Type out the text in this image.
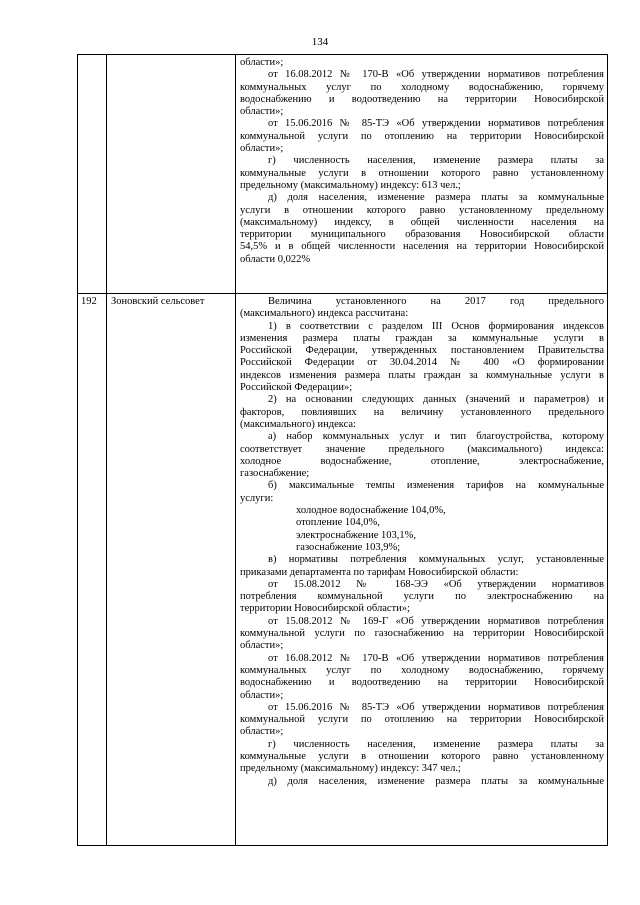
134
области»;
от 16.08.2012 № 170-В «Об утверждении нормативов потребления
коммунальных услуг по холодному водоснабжению, горячему
водоснабжению и водоотведению на территории Новосибирской
области»;
от 15.06.2016 № 85-ТЭ «Об утверждении нормативов потребления
коммунальной услуги по отоплению на территории Новосибирской
области»;
г) численность населения, изменение размера платы за
коммунальные услуги в отношении которого равно установленному
предельному (максимальному) индексу: 613 чел.;
д) доля населения, изменение размера платы за коммунальные
услуги в отношении которого равно установленному предельному
(максимальному) индексу, в общей численности населения на
территории муниципального образования Новосибирской области
54,5% и в общей численности населения на территории Новосибирской
области 0,022%
192 Зоновский сельсовет	Величина установленного на 2017 год предельного
(максимального) индекса рассчитана:
1) в соответствии с разделом III Основ формирования индексов
изменения размера платы граждан за коммунальные услуги в
Российской Федерации, утвержденных постановлением Правительства
Российской Федерации от 30.04.2014 № 400 «О формировании
индексов изменения размера платы граждан за коммунальные услуги в
Российской Федерации»;
2) на основании следующих данных (значений и параметров) и
факторов, повлиявших на величину установленного предельного
(максимального) индекса:
а) набор коммунальных услуг и тип благоустройства, которому
соответствует значение предельного (максимального) индекса:
холодное водоснабжение, отопление, электроснабжение,
газоснабжение;
б) максимальные темпы изменения тарифов на коммунальные
услуги:
холодное водоснабжение 104,0%,
отопление 104,0%,
электроснабжение 103,1%,
газоснабжение 103,9%;
в) нормативы потребления коммунальных услуг, установленные
приказами департамента по тарифам Новосибирской области:
от 15.08.2012 № 168-ЭЭ «Об утверждении нормативов
потребления коммунальной услуги по электроснабжению на
территории Новосибирской области»;
от 15.08.2012 № 169-Г «Об утверждении нормативов потребления
коммунальной услуги по газоснабжению на территории Новосибирской
области»;
от 16.08.2012 № 170-В «Об утверждении нормативов потребления
коммунальных услуг по холодному водоснабжению, горячему
водоснабжению и водоотведению на территории Новосибирской
области»;
от 15.06.2016 № 85-ТЭ «Об утверждении нормативов потребления
коммунальной услуги по отоплению на территории Новосибирской
области»;
г) численность населения, изменение размера платы за
коммунальные услуги в отношении которого равно установленному
предельному (максимальному) индексу: 347 чел.;
д) доля населения, изменение размера платы за коммунальные
